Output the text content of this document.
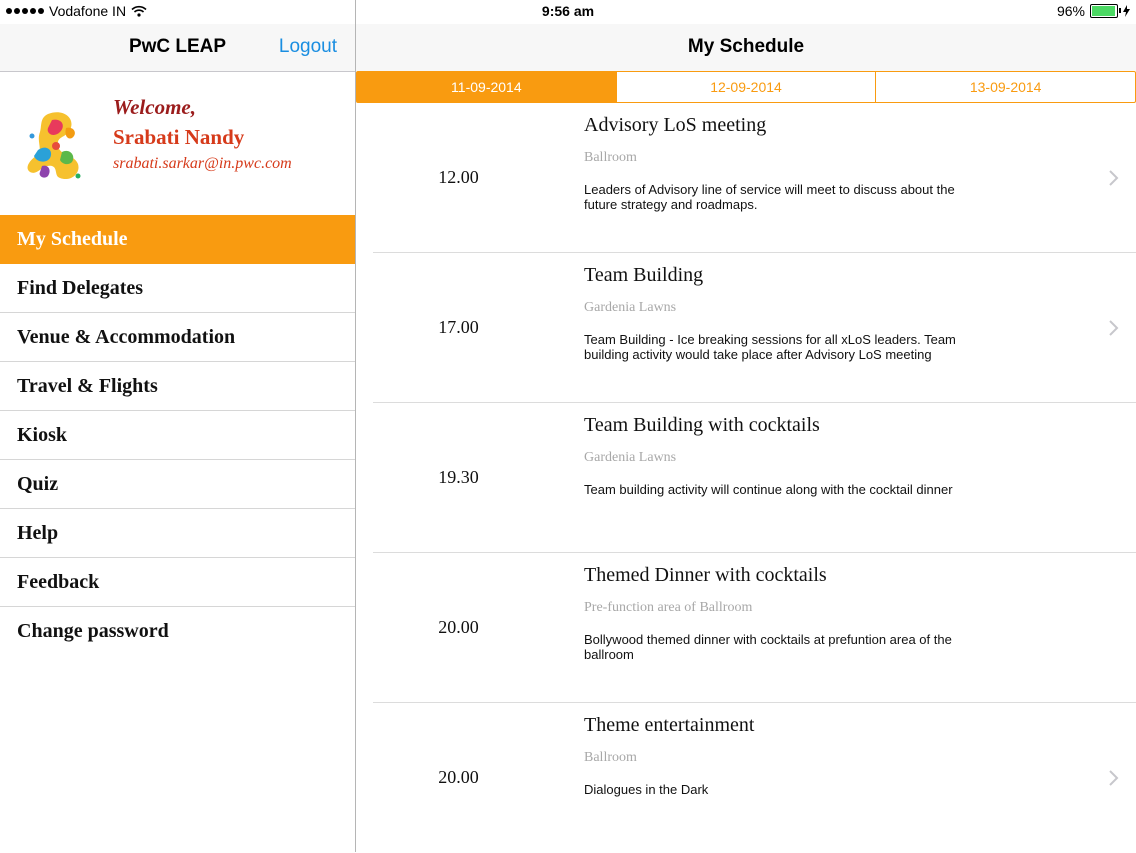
PwC LEAP	Logout
Welcome,
Srabati Nandy
srabati.sarkar@in.pwc.com
My Schedule
Find Delegates
Venue & Accommodation
Travel & Flights
Kiosk
Quiz
Help
Feedback
Change password
My Schedule
11-09-2014	12-09-2014	13-09-2014
12.00
Advisory LoS meeting
Ballroom
Leaders of Advisory line of service will meet to discuss about the future strategy and roadmaps.
17.00
Team Building
Gardenia Lawns
Team Building - Ice breaking sessions for all xLoS leaders. Team building activity would take place after Advisory LoS meeting
19.30
Team Building with cocktails
Gardenia Lawns
Team building activity will continue along with the cocktail dinner
20.00
Themed Dinner with cocktails
Pre-function area of Ballroom
Bollywood themed dinner with cocktails at prefuntion area of the ballroom
20.00
Theme entertainment
Ballroom
Dialogues in the Dark
Vodafone IN	9:56 am	96%
